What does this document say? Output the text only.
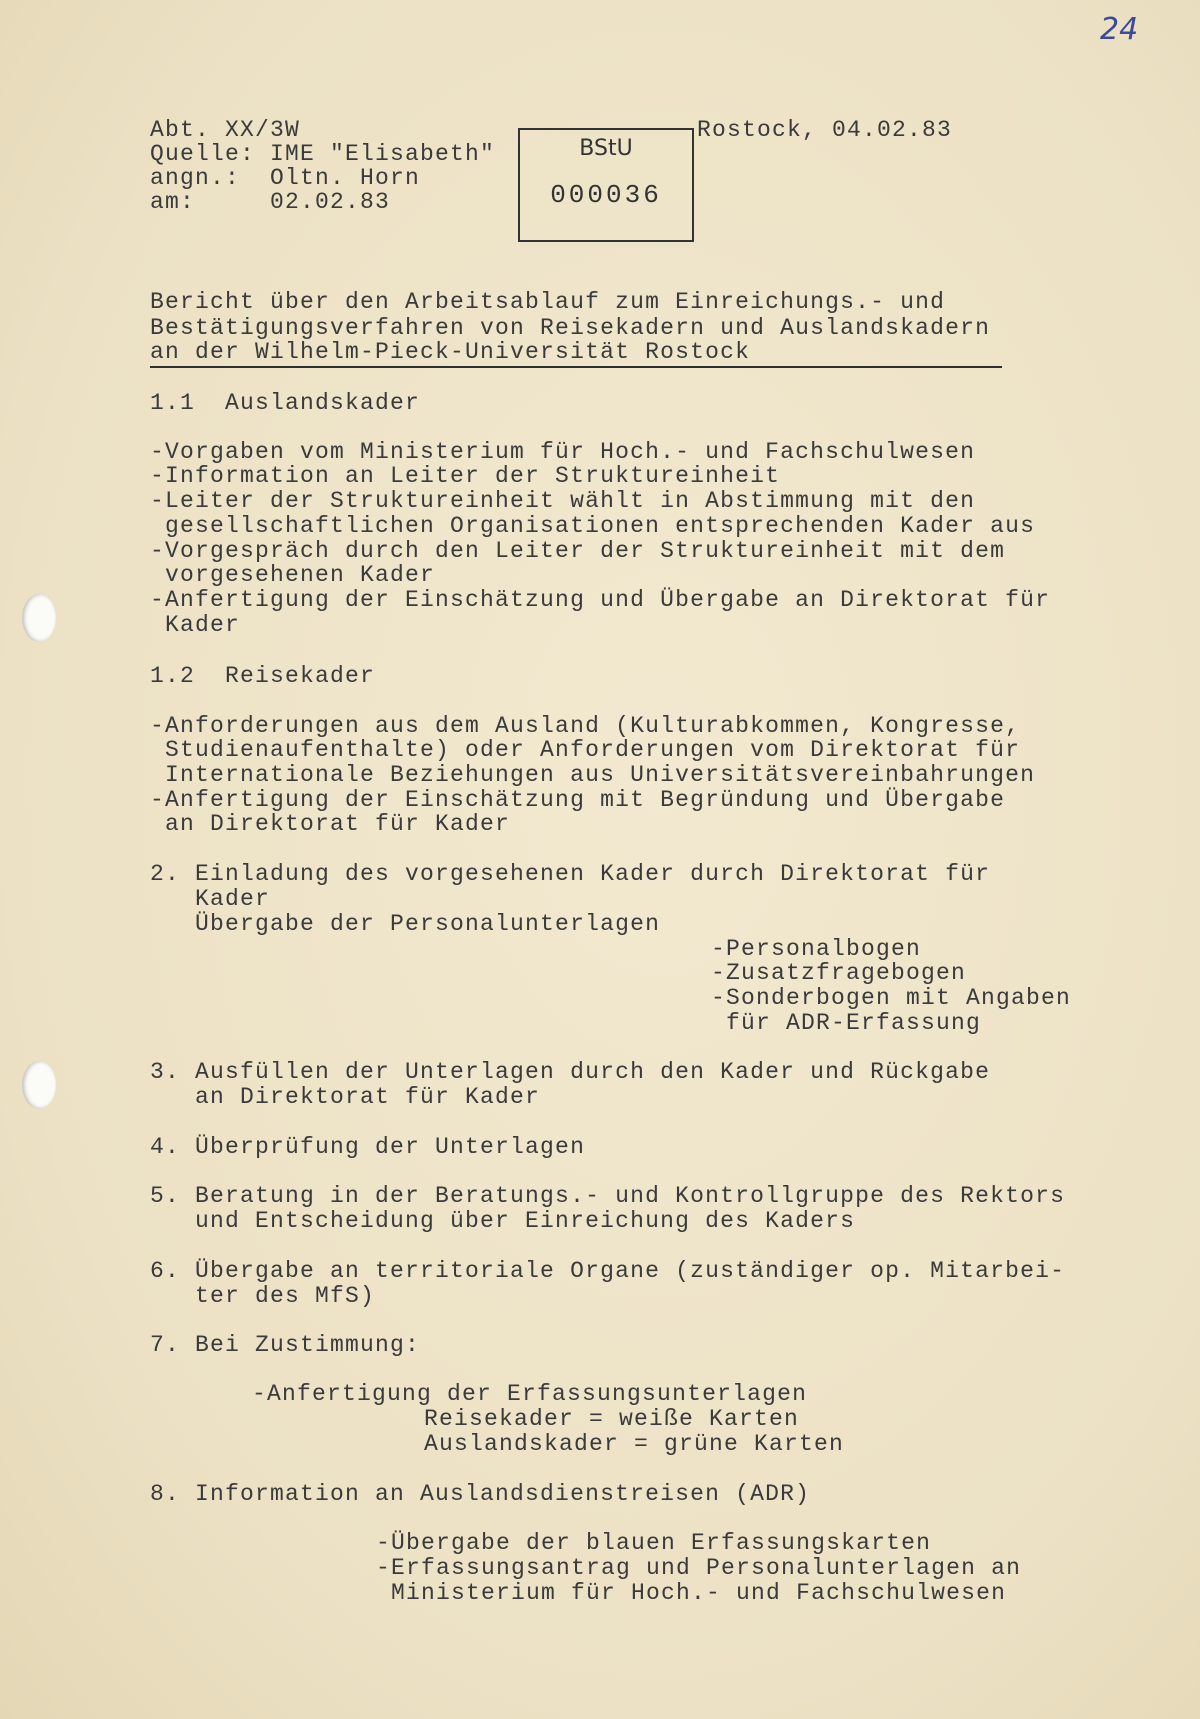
24
Abt. XX/3W
Quelle: IME "Elisabeth"
angn.:  Oltn. Horn
am:     02.02.83
Rostock, 04.02.83
BStU
000036
Bericht über den Arbeitsablauf zum Einreichungs.- und
Bestätigungsverfahren von Reisekadern und Auslandskadern
an der Wilhelm-Pieck-Universität Rostock
1.1  Auslandskader
-Vorgaben vom Ministerium für Hoch.- und Fachschulwesen
-Information an Leiter der Struktureinheit
-Leiter der Struktureinheit wählt in Abstimmung mit den
gesellschaftlichen Organisationen entsprechenden Kader aus
-Vorgespräch durch den Leiter der Struktureinheit mit dem
vorgesehenen Kader
-Anfertigung der Einschätzung und Übergabe an Direktorat für
Kader
1.2  Reisekader
-Anforderungen aus dem Ausland (Kulturabkommen, Kongresse,
Studienaufenthalte) oder Anforderungen vom Direktorat für
Internationale Beziehungen aus Universitätsvereinbahrungen
-Anfertigung der Einschätzung mit Begründung und Übergabe
an Direktorat für Kader
2. Einladung des vorgesehenen Kader durch Direktorat für
Kader
Übergabe der Personalunterlagen
-Personalbogen
-Zusatzfragebogen
-Sonderbogen mit Angaben
für ADR-Erfassung
3. Ausfüllen der Unterlagen durch den Kader und Rückgabe
an Direktorat für Kader
4. Überprüfung der Unterlagen
5. Beratung in der Beratungs.- und Kontrollgruppe des Rektors
und Entscheidung über Einreichung des Kaders
6. Übergabe an territoriale Organe (zuständiger op. Mitarbei-
ter des MfS)
7. Bei Zustimmung:
-Anfertigung der Erfassungsunterlagen
Reisekader = weiße Karten
Auslandskader = grüne Karten
8. Information an Auslandsdienstreisen (ADR)
-Übergabe der blauen Erfassungskarten
-Erfassungsantrag und Personalunterlagen an
Ministerium für Hoch.- und Fachschulwesen
